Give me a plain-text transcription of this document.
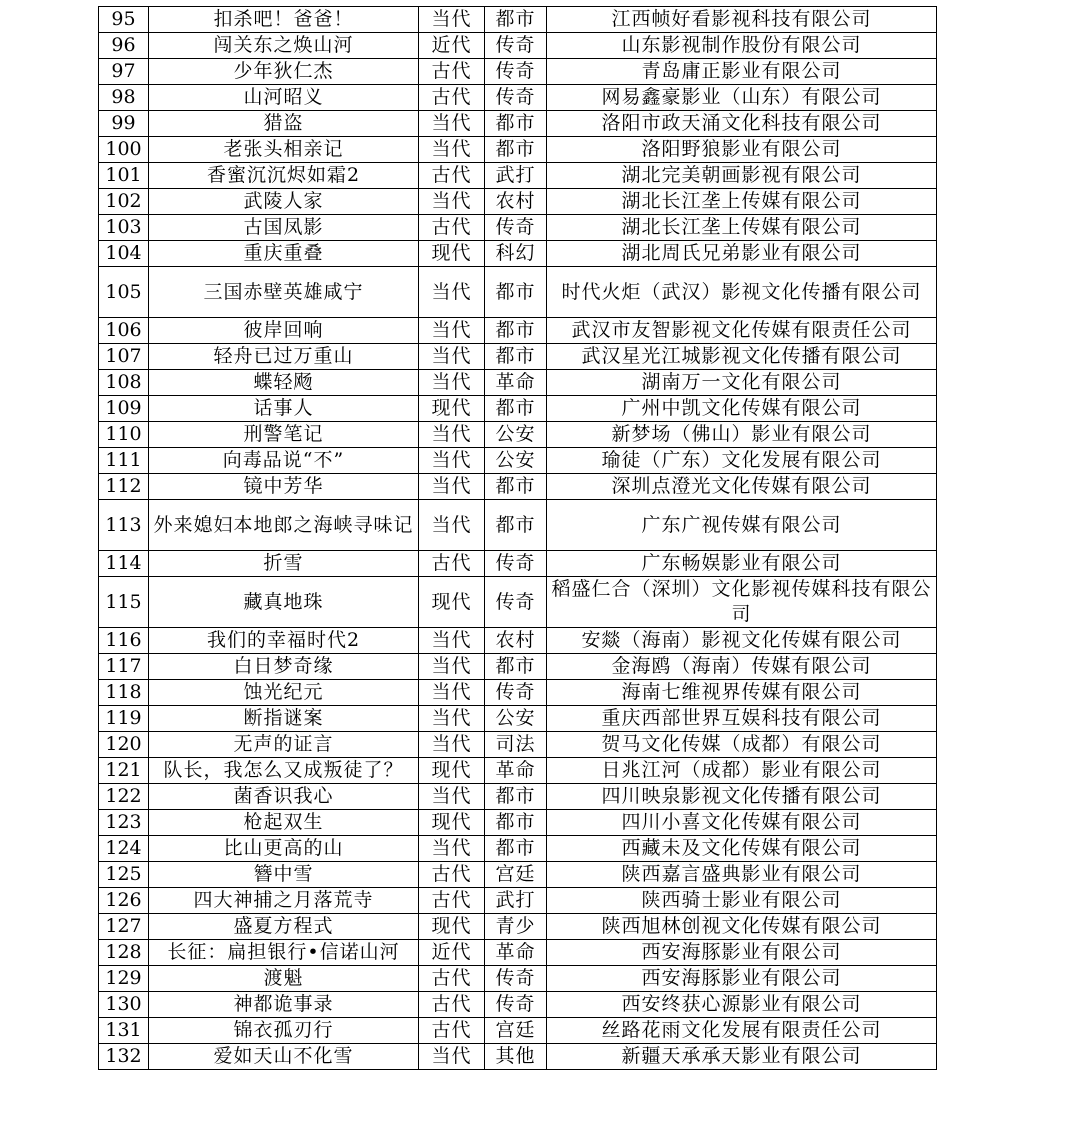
95	扣杀吧！爸爸！	当代	都市	江西帧好看影视科技有限公司
96	闯关东之焕山河	近代	传奇	山东影视制作股份有限公司
97	少年狄仁杰	古代	传奇	青岛庸正影业有限公司
98	山河昭义	古代	传奇	网易鑫豪影业（山东）有限公司
99	猎盗	当代	都市	洛阳市政天涌文化科技有限公司
100	老张头相亲记	当代	都市	洛阳野狼影业有限公司
101	香蜜沉沉烬如霜2	古代	武打	湖北完美朝画影视有限公司
102	武陵人家	当代	农村	湖北长江垄上传媒有限公司
103	古国凤影	古代	传奇	湖北长江垄上传媒有限公司
104	重庆重叠	现代	科幻	湖北周氏兄弟影业有限公司
105	三国赤壁英雄咸宁	当代	都市	时代火炬（武汉）影视文化传播有限公司
106	彼岸回响	当代	都市	武汉市友智影视文化传媒有限责任公司
107	轻舟已过万重山	当代	都市	武汉星光江城影视文化传播有限公司
108	蝶轻飏	当代	革命	湖南万一文化有限公司
109	话事人	现代	都市	广州中凯文化传媒有限公司
110	刑警笔记	当代	公安	新梦场（佛山）影业有限公司
111	向毒品说“不”	当代	公安	瑜徒（广东）文化发展有限公司
112	镜中芳华	当代	都市	深圳点澄光文化传媒有限公司
113	外来媳妇本地郎之海峡寻味记	当代	都市	广东广视传媒有限公司
114	折雪	古代	传奇	广东畅娱影业有限公司
115	藏真地珠	现代	传奇	稻盛仁合（深圳）文化影视传媒科技有限公司
116	我们的幸福时代2	当代	农村	安燚（海南）影视文化传媒有限公司
117	白日梦奇缘	当代	都市	金海鸥（海南）传媒有限公司
118	蚀光纪元	当代	传奇	海南七维视界传媒有限公司
119	断指谜案	当代	公安	重庆西部世界互娱科技有限公司
120	无声的证言	当代	司法	贺马文化传媒（成都）有限公司
121	队长，我怎么又成叛徒了？	现代	革命	日兆江河（成都）影业有限公司
122	菌香识我心	当代	都市	四川映泉影视文化传播有限公司
123	枪起双生	现代	都市	四川小喜文化传媒有限公司
124	比山更高的山	当代	都市	西藏未及文化传媒有限公司
125	簪中雪	古代	宫廷	陕西嘉言盛典影业有限公司
126	四大神捕之月落荒寺	古代	武打	陕西骑士影业有限公司
127	盛夏方程式	现代	青少	陕西旭林创视文化传媒有限公司
128	长征：扁担银行•信诺山河	近代	革命	西安海豚影业有限公司
129	渡魁	古代	传奇	西安海豚影业有限公司
130	神都诡事录	古代	传奇	西安终获心源影业有限公司
131	锦衣孤刃行	古代	宫廷	丝路花雨文化发展有限责任公司
132	爱如天山不化雪	当代	其他	新疆天承承天影业有限公司
